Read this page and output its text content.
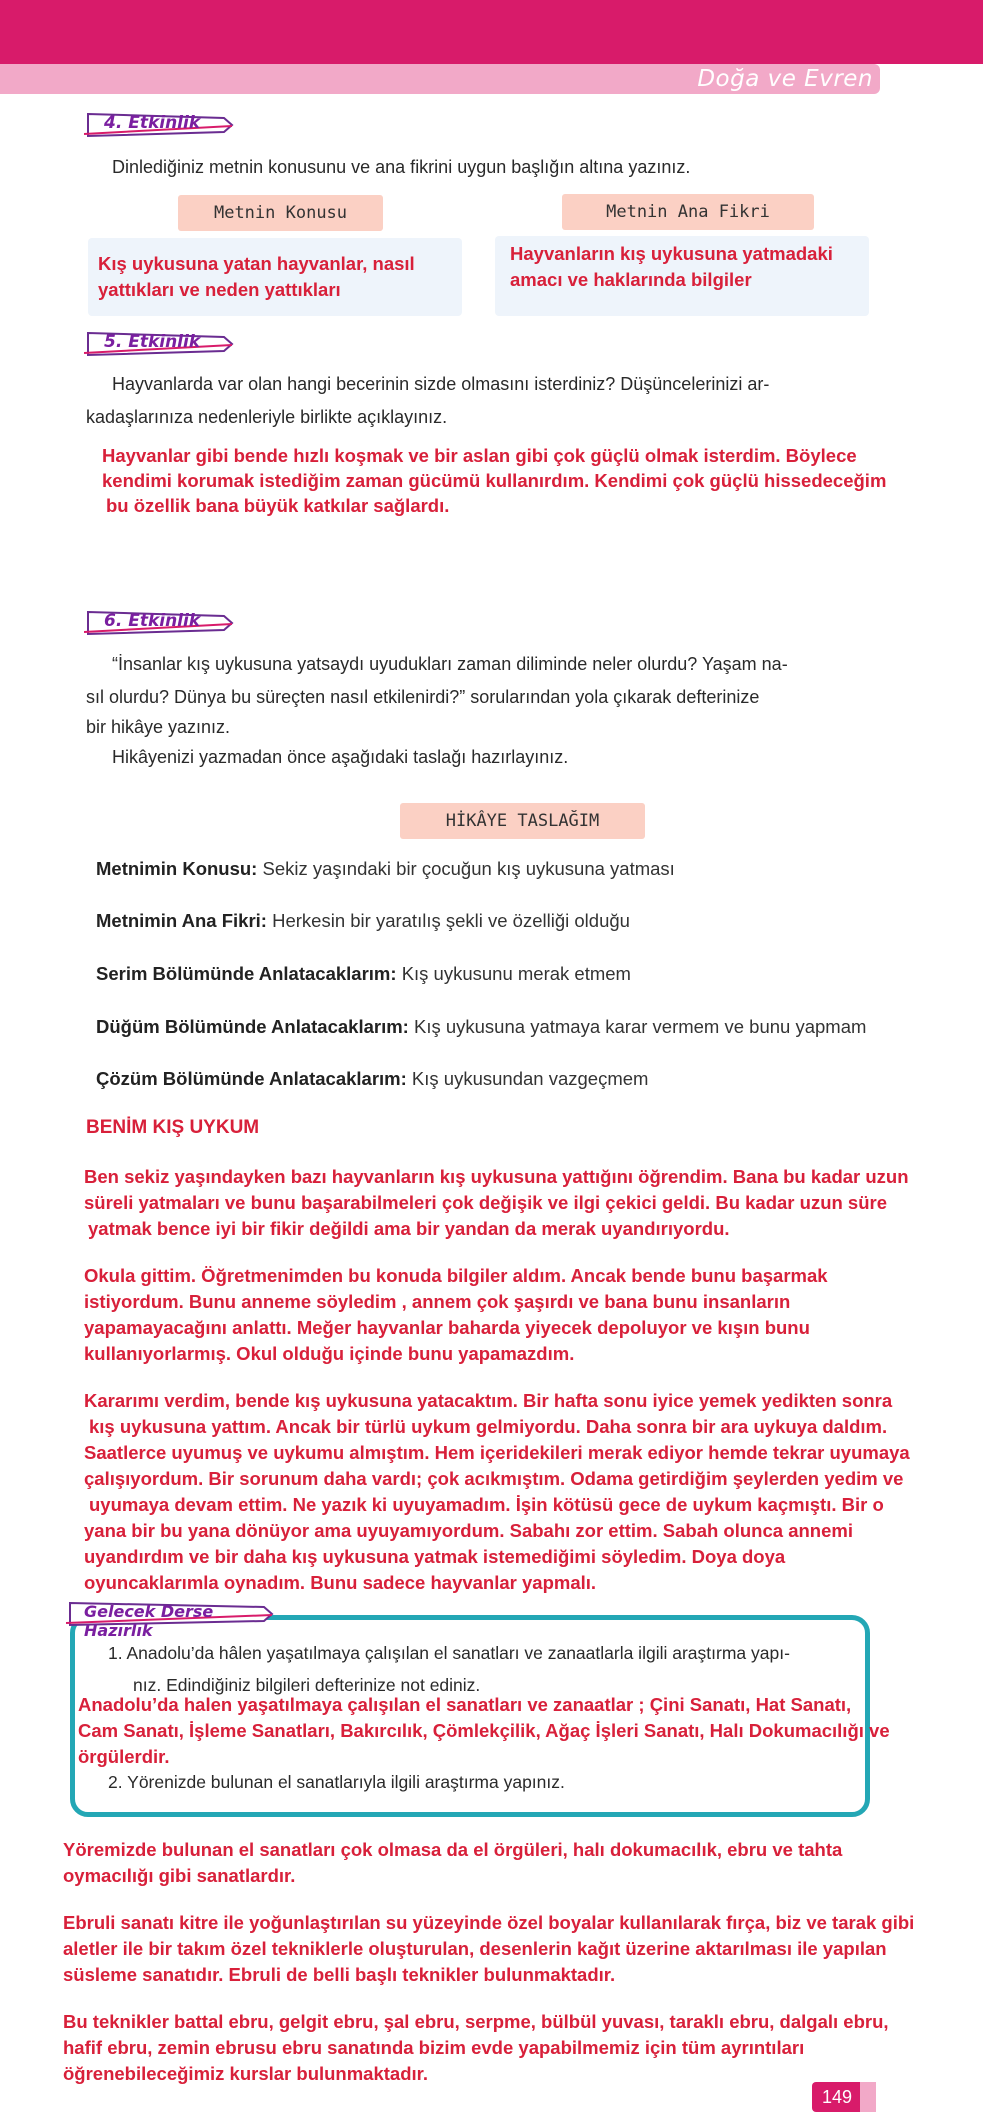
Doğa ve Evren
4. Etkinlik
Dinlediğiniz metnin konusunu ve ana fikrini uygun başlığın altına yazınız.
Metnin Konusu	Metnin Ana Fikri
Kış uykusuna yatan hayvanlar, nasıl
yattıkları ve neden yattıkları
Hayvanların kış uykusuna yatmadaki
amacı ve haklarında bilgiler
5. Etkinlik
Hayvanlarda var olan hangi becerinin sizde olmasını isterdiniz? Düşüncelerinizi ar-
kadaşlarınıza nedenleriyle birlikte açıklayınız.
Hayvanlar gibi bende hızlı koşmak ve bir aslan gibi çok güçlü olmak isterdim. Böylece
kendimi korumak istediğim zaman gücümü kullanırdım. Kendimi çok güçlü hissedeceğim
bu özellik bana büyük katkılar sağlardı.
6. Etkinlik
“İnsanlar kış uykusuna yatsaydı uyudukları zaman diliminde neler olurdu? Yaşam na-
sıl olurdu? Dünya bu süreçten nasıl etkilenirdi?” sorularından yola çıkarak defterinize
bir hikâye yazınız.
Hikâyenizi yazmadan önce aşağıdaki taslağı hazırlayınız.
HİKÂYE TASLAĞIM
Metnimin Konusu: Sekiz yaşındaki bir çocuğun kış uykusuna yatması
Metnimin Ana Fikri: Herkesin bir yaratılış şekli ve özelliği olduğu
Serim Bölümünde Anlatacaklarım: Kış uykusunu merak etmem
Düğüm Bölümünde Anlatacaklarım: Kış uykusuna yatmaya karar vermem ve bunu yapmam
Çözüm Bölümünde Anlatacaklarım: Kış uykusundan vazgeçmem
BENİM KIŞ UYKUM
Ben sekiz yaşındayken bazı hayvanların kış uykusuna yattığını öğrendim. Bana bu kadar uzun
süreli yatmaları ve bunu başarabilmeleri çok değişik ve ilgi çekici geldi. Bu kadar uzun süre
yatmak bence iyi bir fikir değildi ama bir yandan da merak uyandırıyordu.
Okula gittim. Öğretmenimden bu konuda bilgiler aldım. Ancak bende bunu başarmak
istiyordum. Bunu anneme söyledim , annem çok şaşırdı ve bana bunu insanların
yapamayacağını anlattı. Meğer hayvanlar baharda yiyecek depoluyor ve kışın bunu
kullanıyorlarmış. Okul olduğu içinde bunu yapamazdım.
Kararımı verdim, bende kış uykusuna yatacaktım. Bir hafta sonu iyice yemek yedikten sonra
kış uykusuna yattım. Ancak bir türlü uykum gelmiyordu. Daha sonra bir ara uykuya daldım.
Saatlerce uyumuş ve uykumu almıştım. Hem içeridekileri merak ediyor hemde tekrar uyumaya
çalışıyordum. Bir sorunum daha vardı; çok acıkmıştım. Odama getirdiğim şeylerden yedim ve
uyumaya devam ettim. Ne yazık ki uyuyamadım. İşin kötüsü gece de uykum kaçmıştı. Bir o
yana bir bu yana dönüyor ama uyuyamıyordum. Sabahı zor ettim. Sabah olunca annemi
uyandırdım ve bir daha kış uykusuna yatmak istemediğimi söyledim. Doya doya
oyuncaklarımla oynadım. Bunu sadece hayvanlar yapmalı.
Gelecek Derse Hazırlık
1. Anadolu’da hâlen yaşatılmaya çalışılan el sanatları ve zanaatlarla ilgili araştırma yapı-
nız. Edindiğiniz bilgileri defterinize not ediniz.
Anadolu’da halen yaşatılmaya çalışılan el sanatları ve zanaatlar ; Çini Sanatı, Hat Sanatı,
Cam Sanatı, İşleme Sanatları, Bakırcılık, Çömlekçilik, Ağaç İşleri Sanatı, Halı Dokumacılığı ve
örgülerdir.
2. Yörenizde bulunan el sanatlarıyla ilgili araştırma yapınız.
Yöremizde bulunan el sanatları çok olmasa da el örgüleri, halı dokumacılık, ebru ve tahta
oymacılığı gibi sanatlardır.
Ebruli sanatı kitre ile yoğunlaştırılan su yüzeyinde özel boyalar kullanılarak fırça, biz ve tarak gibi
aletler ile bir takım özel tekniklerle oluşturulan, desenlerin kağıt üzerine aktarılması ile yapılan
süsleme sanatıdır. Ebruli de belli başlı teknikler bulunmaktadır.
Bu teknikler battal ebru, gelgit ebru, şal ebru, serpme, bülbül yuvası, taraklı ebru, dalgalı ebru,
hafif ebru, zemin ebrusu ebru sanatında bizim evde yapabilmemiz için tüm ayrıntıları
öğrenebileceğimiz kurslar bulunmaktadır.
149
